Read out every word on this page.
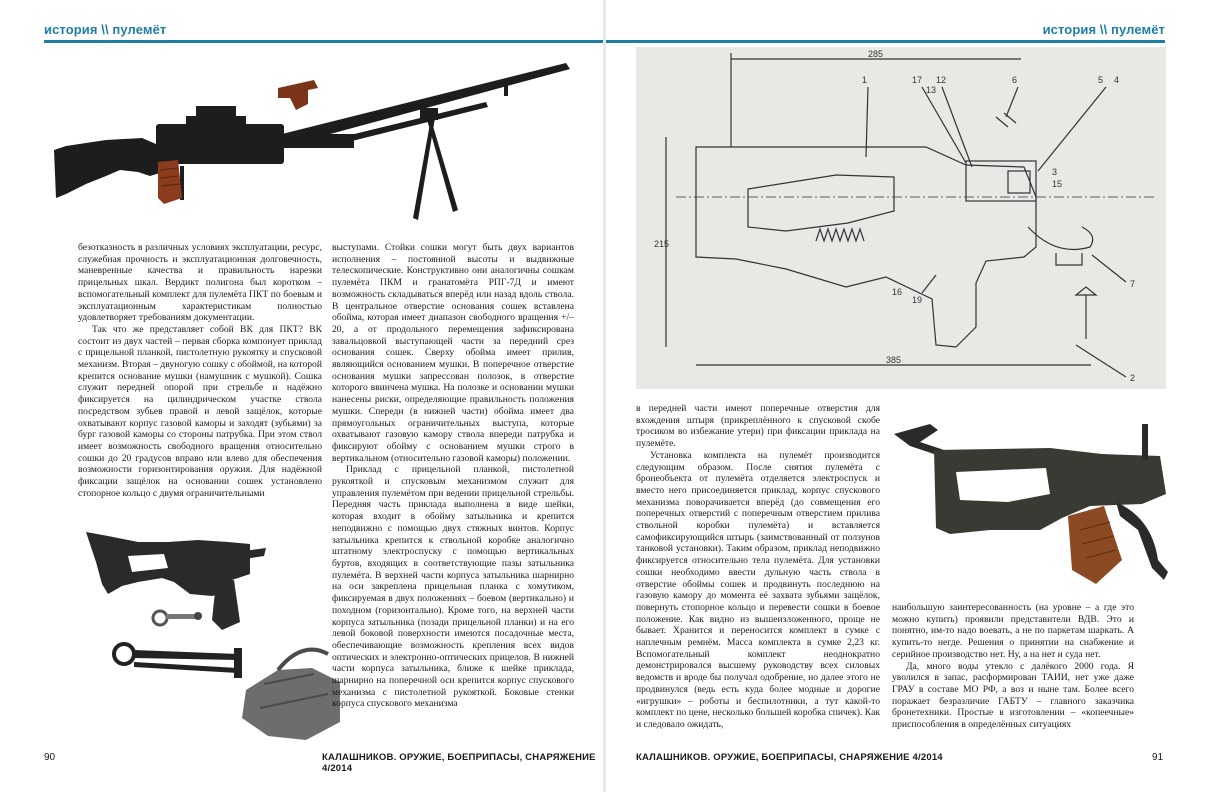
история \\ пулемёт

безотказность в различных условиях эксплуатации, ресурс, служебная прочность и эксплуатационная долговечность, маневренные качества и правильность нарезки прицельных шкал. Вердикт полигона был коротком – вспомогательный комплект для пулемёта ПКТ по боевым и эксплуатационным характеристикам полностью удовлетворяет требованиям документации.

Так что же представляет собой ВК для ПКТ? ВК состоит из двух частей – первая сборка компонует приклад с прицельной планкой, пистолетную рукоятку и спусковой механизм. Вторая – двуногую сошку с обоймой, на которой крепится основание мушки (намушник с мушкой). Сошка служит передней опорой при стрельбе и надёжно фиксируется на цилиндрическом участке ствола посредством зубьев правой и левой защёлок, которые охватывают корпус газовой каморы и заходят (зубьями) за бург газовой каморы со стороны патрубка. При этом ствол имеет возможность свободного вращения относительно сошки до 20 градусов вправо или влево для обеспечения возможности горизонтирования оружия. Для надёжной фиксации защёлок на основании сошек установлено стопорное кольцо с двумя ограничительными

выступами. Стойки сошки могут быть двух вариантов исполнения – постоянной высоты и выдвижные телескопические. Конструктивно они аналогичны сошкам пулемёта ПКМ и гранатомёта РПГ-7Д и имеют возможность складываться вперёд или назад вдоль ствола. В центральное отверстие основания сошек вставлена обойма, которая имеет диапазон свободного вращения +/– 20, а от продольного перемещения зафиксирована завальцовкой выступающей части за передний срез основания сошек. Сверху обойма имеет прилив, являющийся основанием мушки. В поперечное отверстие основания мушки запрессован полозок, в отверстие которого ввинчена мушка. На полозке и основании мушки нанесены риски, определяющие правильность положения мушки. Спереди (в нижней части) обойма имеет два прямоугольных ограничительных выступа, которые охватывают газовую камору ствола впереди патрубка и фиксируют обойму с основанием мушки строго в вертикальном (относительно газовой каморы) положении.

Приклад с прицельной планкой, пистолетной рукояткой и спусковым механизмом служит для управления пулемётом при ведении прицельной стрельбы. Передняя часть приклада выполнена в виде шейки, которая входит в обойму затыльника и крепится неподвижно с помощью двух стяжных винтов. Корпус затыльника крепится к ствольной коробке аналогично штатному электроспуску с помощью вертикальных буртов, входящих в соответствующие пазы затыльника пулемёта. В верхней части корпуса затыльника шарнирно на оси закреплена прицельная планка с хомутиком, фиксируемая в двух положениях – боевом (вертикально) и походном (горизонтально). Кроме того, на верхней части корпуса затыльника (позади прицельной планки) и на его левой боковой поверхности имеются посадочные места, обеспечивающие возможность крепления всех видов оптических и электронно-оптических прицелов. В нижней части корпуса затыльника, ближе к шейке приклада, шарнирно на поперечной оси крепится корпус спускового механизма с пистолетной рукояткой. Боковые стенки корпуса спускового механизма

90	КАЛАШНИКОВ. ОРУЖИЕ, БОЕПРИПАСЫ, СНАРЯЖЕНИЕ 4/2014
история \\ пулемёт
1	17
13
12	6	5 4
3
15
19
16
7
2
285
385
215

в передней части имеют поперечные отверстия для вхождения штыря (прикреплённого к спусковой скобе тросиком во избежание утери) при фиксации приклада на пулемёте.

Установка комплекта на пулемёт производится следующим образом. После снятия пулемёта с бронеобъекта от пулемёта отделяется электроспуск и вместо него присоединяется приклад, корпус спускового механизма поворачивается вперёд (до совмещения его поперечных отверстий с поперечным отверстием прилива ствольной коробки пулемёта) и вставляется самофиксирующийся штырь (заимствованный от ползунов танковой установки). Таким образом, приклад неподвижно фиксируется относительно тела пулемёта. Для установки сошки необходимо ввести дульную часть ствола в отверстие обоймы сошек и продвинуть последнюю на газовую камору до момента её захвата зубьями защёлок, повернуть стопорное кольцо и перевести сошки в боевое положение. Как видно из вышеизложенного, проще не бывает. Хранится и переносится комплект в сумке с наплечным ремнём. Масса комплекта в сумке 2,23 кг. Вспомогательный комплект неоднократно демонстрировался высшему руководству всех силовых ведомств и вроде бы получал одобрение, но далее этого не продвинулся (ведь есть куда более модные и дорогие «игрушки» – роботы и беспилотники, а тут какой-то комплект по цене, несколько большей коробка спичек). Как и следовало ожидать,

наибольшую заинтересованность (на уровне – а где это можно купить) проявили представители ВДВ. Это и понятно, им-то надо воевать, а не по паркетам шаркать. А купить-то негде. Решения о принятии на снабжение и серийное производство нет. Ну, а на нет и суда нет.

Да, много воды утекло с далёкого 2000 года. Я уволился в запас, расформирован ТАИИ, нет уже даже ГРАУ в составе МО РФ, а воз и ныне там. Более всего поражает безразличие ГАБТУ – главного заказчика бронетехники. Простые в изготовлении – «копеечные» приспособления в определённых ситуациях

КАЛАШНИКОВ. ОРУЖИЕ, БОЕПРИПАСЫ, СНАРЯЖЕНИЕ 4/2014	91
